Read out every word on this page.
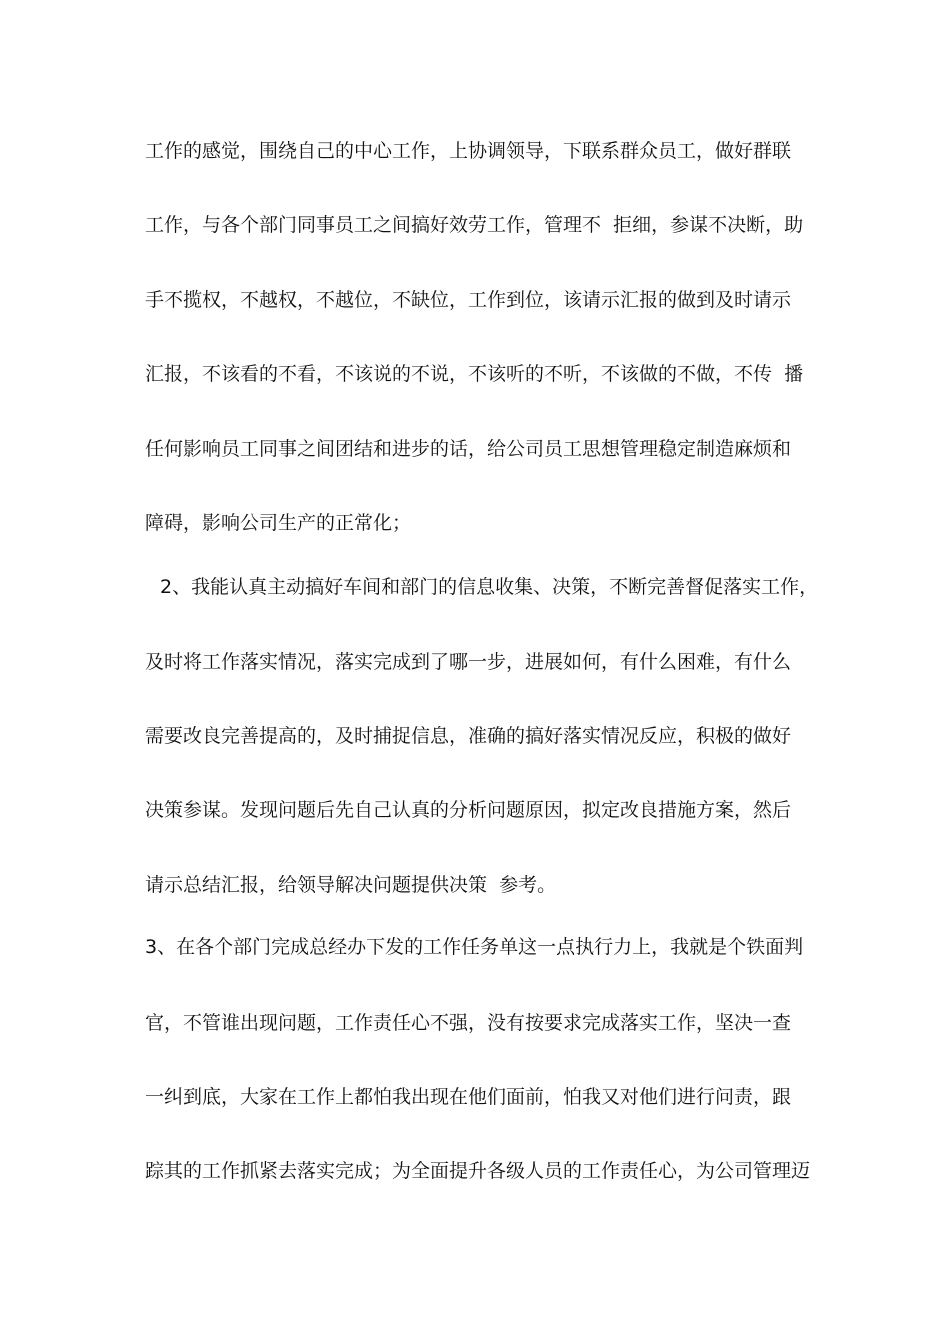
工作的感觉，围绕自己的中心工作，上协调领导，下联系群众员工，做好群联
工作，与各个部门同事员工之间搞好效劳工作，管理不  拒细，参谋不决断，助
手不揽权，不越权，不越位，不缺位，工作到位，该请示汇报的做到及时请示
汇报，不该看的不看，不该说的不说，不该听的不听，不该做的不做，不传  播
任何影响员工同事之间团结和进步的话，给公司员工思想管理稳定制造麻烦和
障碍，影响公司生产的正常化；
2、我能认真主动搞好车间和部门的信息收集、决策，不断完善督促落实工作，
及时将工作落实情况，落实完成到了哪一步，进展如何，有什么困难，有什么
需要改良完善提高的，及时捕捉信息，准确的搞好落实情况反应，积极的做好
决策参谋。发现问题后先自己认真的分析问题原因，拟定改良措施方案，然后
请示总结汇报，给领导解决问题提供决策  参考。
3、在各个部门完成总经办下发的工作任务单这一点执行力上，我就是个铁面判
官，不管谁出现问题，工作责任心不强，没有按要求完成落实工作，坚决一查
一纠到底，大家在工作上都怕我出现在他们面前，怕我又对他们进行问责，跟
踪其的工作抓紧去落实完成；为全面提升各级人员的工作责任心，为公司管理迈
